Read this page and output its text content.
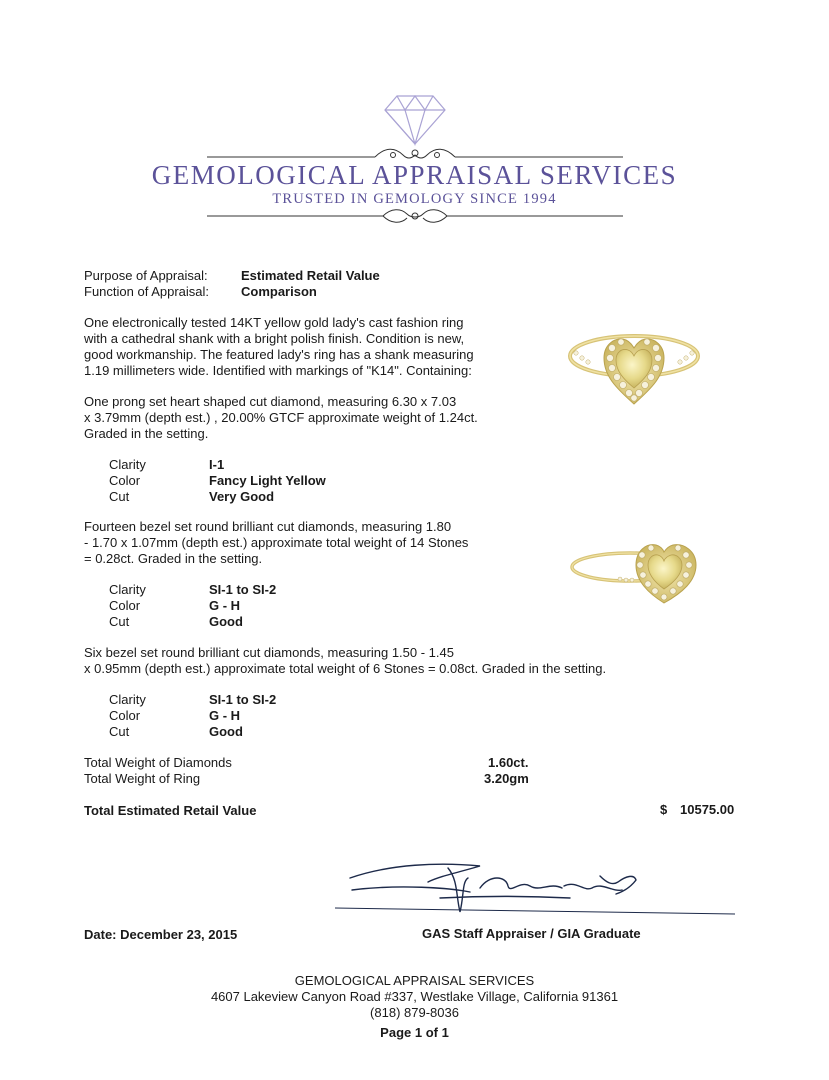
GEMOLOGICAL APPRAISAL SERVICES
TRUSTED IN GEMOLOGY SINCE 1994
Purpose of Appraisal:	Estimated Retail Value
Function of Appraisal: Comparison
One electronically tested 14KT yellow gold lady's cast fashion ring
with a cathedral shank with a bright polish finish. Condition is new,
good workmanship. The featured lady's ring has a shank measuring
1.19 millimeters wide. Identified with markings of "K14". Containing:
One prong set heart shaped cut diamond, measuring 6.30 x 7.03
x 3.79mm (depth est.) , 20.00% GTCF approximate weight of 1.24ct.
Graded in the setting.
Clarity	I-1
Color	Fancy Light Yellow
Cut	Very Good
Fourteen bezel set round brilliant cut diamonds, measuring 1.80
- 1.70 x 1.07mm (depth est.) approximate total weight of 14 Stones
= 0.28ct. Graded in the setting.
Clarity	SI-1 to SI-2
Color	G - H
Cut	Good
Six bezel set round brilliant cut diamonds, measuring 1.50 - 1.45
x 0.95mm (depth est.) approximate total weight of 6 Stones = 0.08ct. Graded in the setting.
Clarity	SI-1 to SI-2
Color	G - H
Cut	Good
Total Weight of Diamonds	1.60ct.
Total Weight of Ring	3.20gm
Total Estimated Retail Value	$ 10575.00
Date: December 23, 2015	GAS Staff Appraiser / GIA Graduate
GEMOLOGICAL APPRAISAL SERVICES
4607 Lakeview Canyon Road #337, Westlake Village, California 91361
(818) 879-8036
Page 1 of 1
